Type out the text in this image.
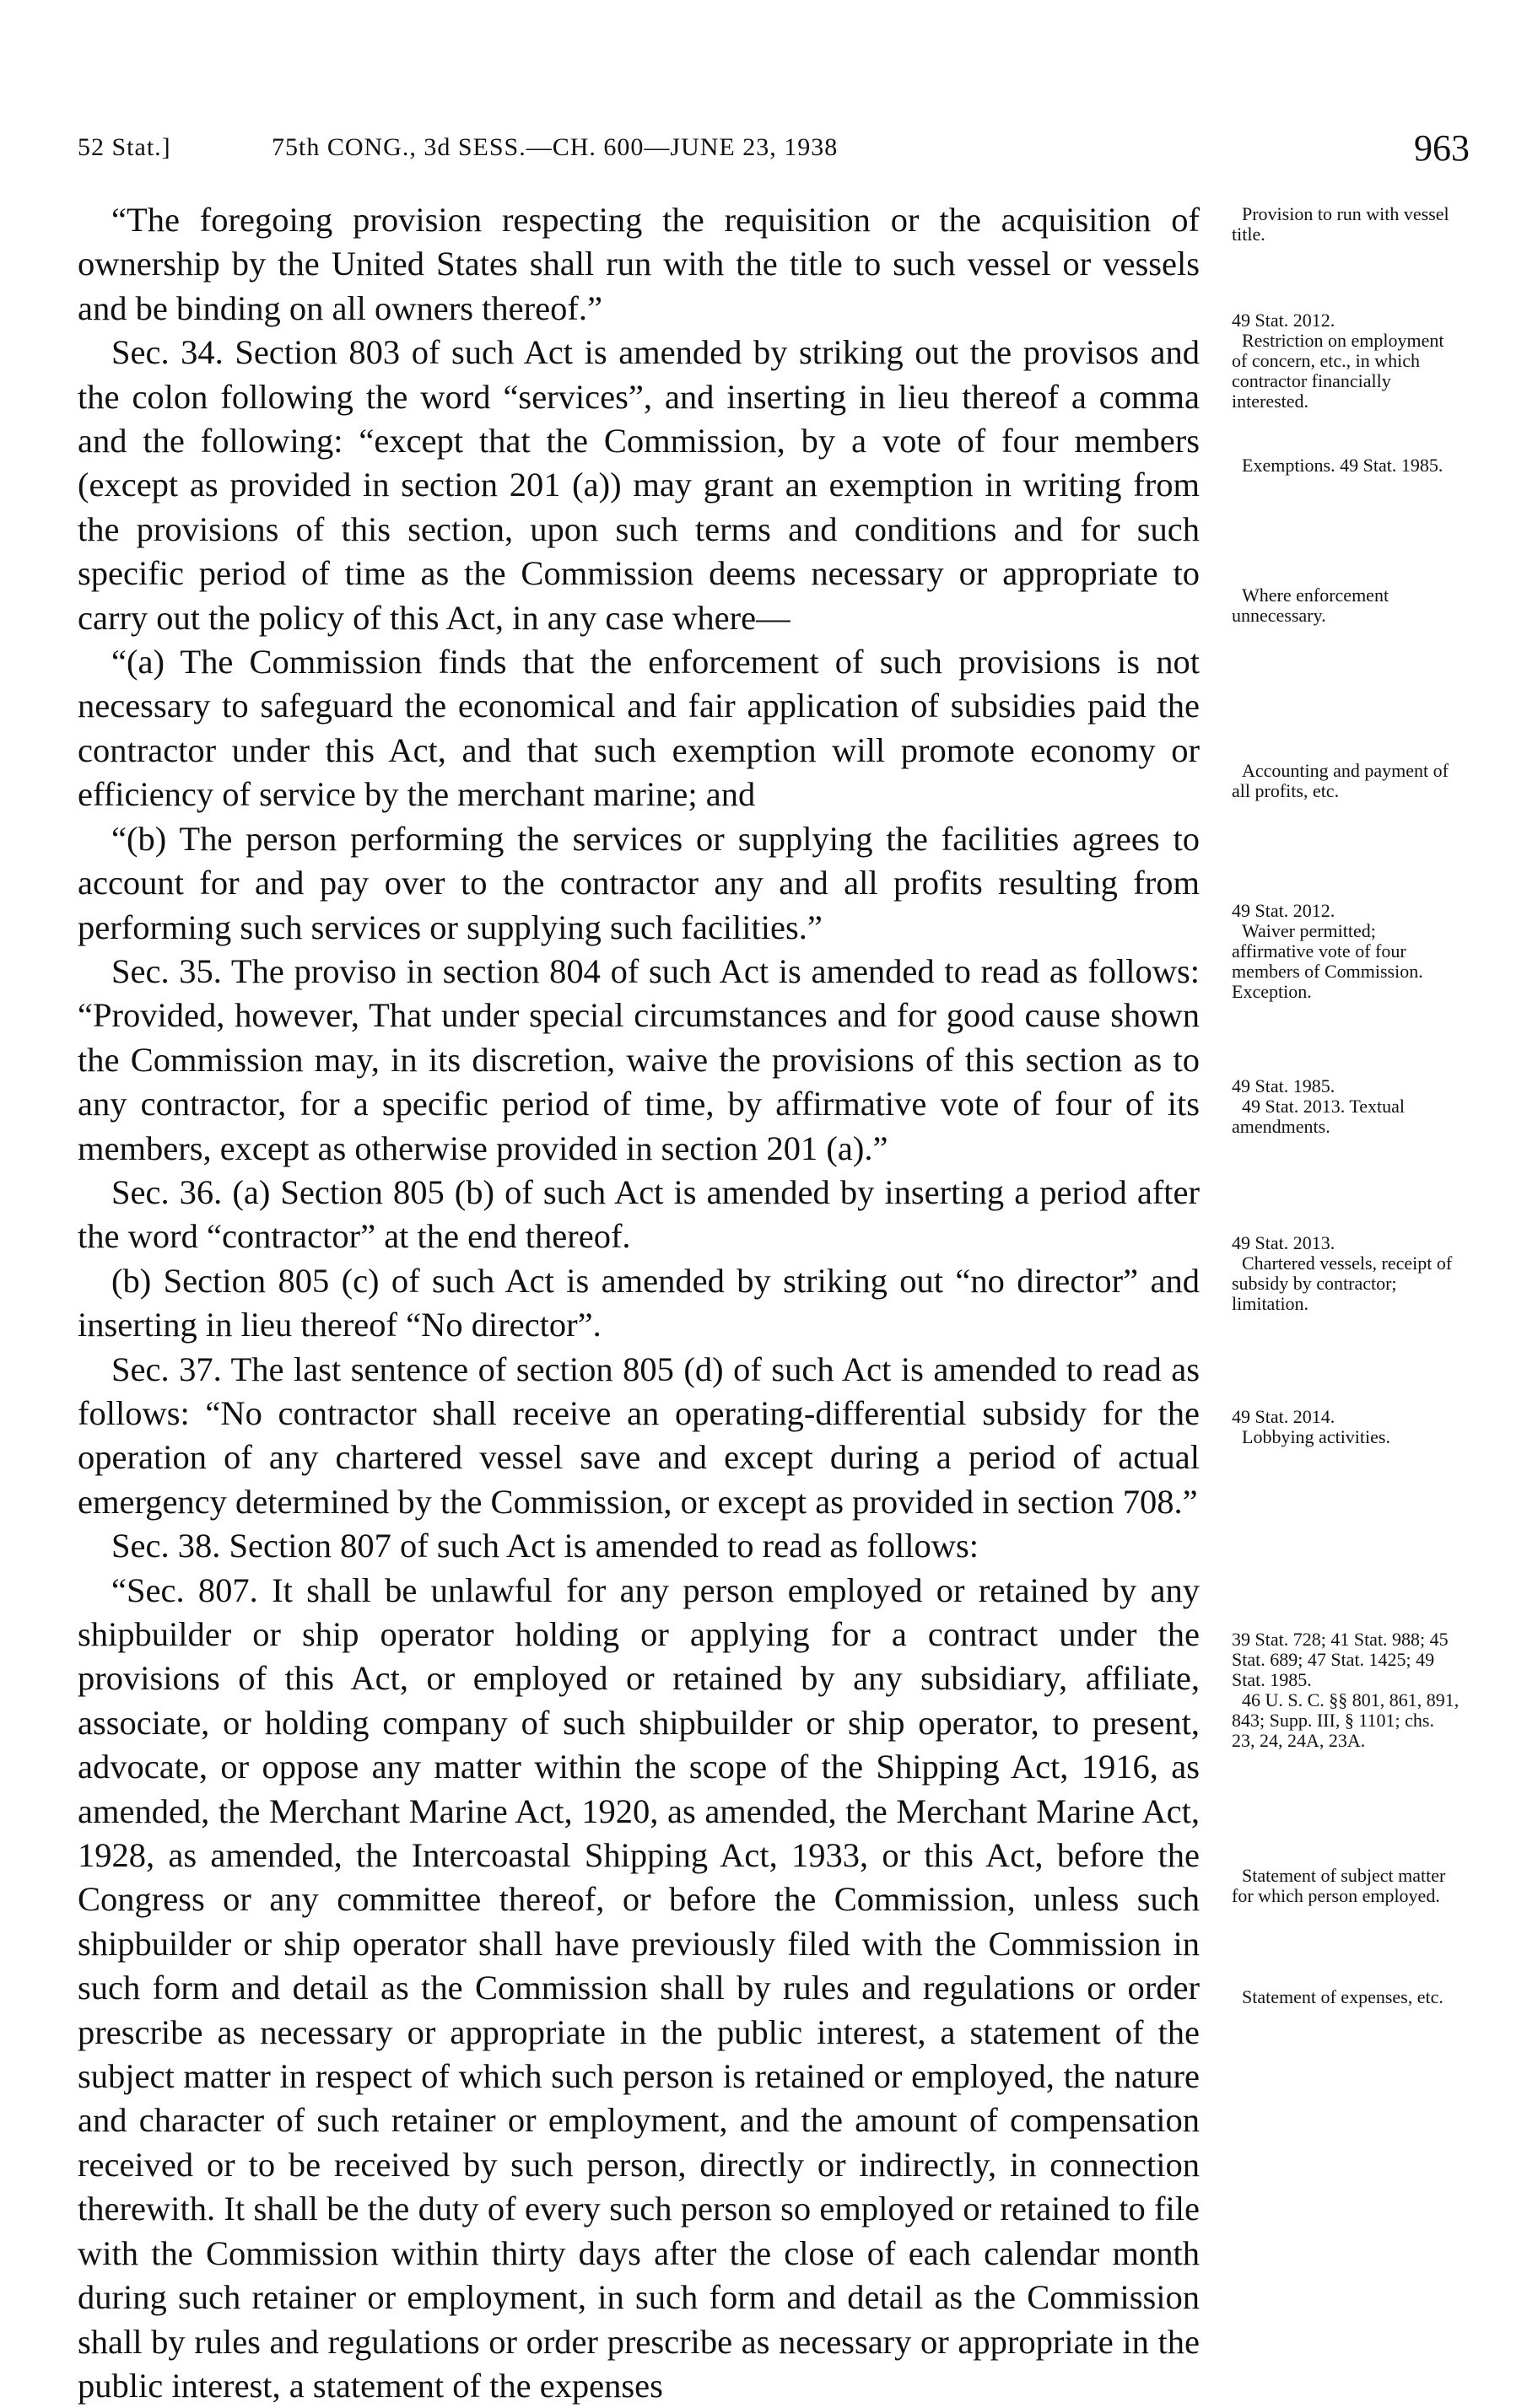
52 Stat.]	75th CONG., 3d SESS.—CH. 600—JUNE 23, 1938	963

“The foregoing provision respecting the requisition or the acquisition of ownership by the United States shall run with the title to such vessel or vessels and be binding on all owners thereof.”

Sec. 34. Section 803 of such Act is amended by striking out the provisos and the colon following the word “services”, and inserting in lieu thereof a comma and the following: “except that the Commission, by a vote of four members (except as provided in section 201 (a)) may grant an exemption in writing from the provisions of this section, upon such terms and conditions and for such specific period of time as the Commission deems necessary or appropriate to carry out the policy of this Act, in any case where—

“(a) The Commission finds that the enforcement of such provisions is not necessary to safeguard the economical and fair application of subsidies paid the contractor under this Act, and that such exemption will promote economy or efficiency of service by the merchant marine; and

“(b) The person performing the services or supplying the facilities agrees to account for and pay over to the contractor any and all profits resulting from performing such services or supplying such facilities.”

Sec. 35. The proviso in section 804 of such Act is amended to read as follows: “Provided, however, That under special circumstances and for good cause shown the Commission may, in its discretion, waive the provisions of this section as to any contractor, for a specific period of time, by affirmative vote of four of its members, except as otherwise provided in section 201 (a).”

Sec. 36. (a) Section 805 (b) of such Act is amended by inserting a period after the word “contractor” at the end thereof.

(b) Section 805 (c) of such Act is amended by striking out “no director” and inserting in lieu thereof “No director”.

Sec. 37. The last sentence of section 805 (d) of such Act is amended to read as follows: “No contractor shall receive an operating-differential subsidy for the operation of any chartered vessel save and except during a period of actual emergency determined by the Commission, or except as provided in section 708.”

Sec. 38. Section 807 of such Act is amended to read as follows:

“Sec. 807. It shall be unlawful for any person employed or retained by any shipbuilder or ship operator holding or applying for a contract under the provisions of this Act, or employed or retained by any subsidiary, affiliate, associate, or holding company of such shipbuilder or ship operator, to present, advocate, or oppose any matter within the scope of the Shipping Act, 1916, as amended, the Merchant Marine Act, 1920, as amended, the Merchant Marine Act, 1928, as amended, the Intercoastal Shipping Act, 1933, or this Act, before the Congress or any committee thereof, or before the Commission, unless such shipbuilder or ship operator shall have previously filed with the Commission in such form and detail as the Commission shall by rules and regulations or order prescribe as necessary or appropriate in the public interest, a statement of the subject matter in respect of which such person is retained or employed, the nature and character of such retainer or employment, and the amount of compensation received or to be received by such person, directly or indirectly, in connection therewith. It shall be the duty of every such person so employed or retained to file with the Commission within thirty days after the close of each calendar month during such retainer or employment, in such form and detail as the Commission shall by rules and regulations or order prescribe as necessary or appropriate in the public interest, a statement of the expenses

Provision to run with vessel title.
49 Stat. 2012.
Restriction on employment of concern, etc., in which contractor financially interested.
Exemptions. 49 Stat. 1985.
Where enforcement unnecessary.
Accounting and payment of all profits, etc.
49 Stat. 2012.
Waiver permitted; affirmative vote of four members of Commission. Exception.
49 Stat. 1985.
49 Stat. 2013. Textual amendments.
49 Stat. 2013.
Chartered vessels, receipt of subsidy by contractor; limitation.
49 Stat. 2014.
Lobbying activities.
39 Stat. 728; 41 Stat. 988; 45 Stat. 689; 47 Stat. 1425; 49 Stat. 1985.
46 U. S. C. §§ 801, 861, 891, 843; Supp. III, § 1101; chs. 23, 24, 24A, 23A.
Statement of subject matter for which person employed.
Statement of expenses, etc.
